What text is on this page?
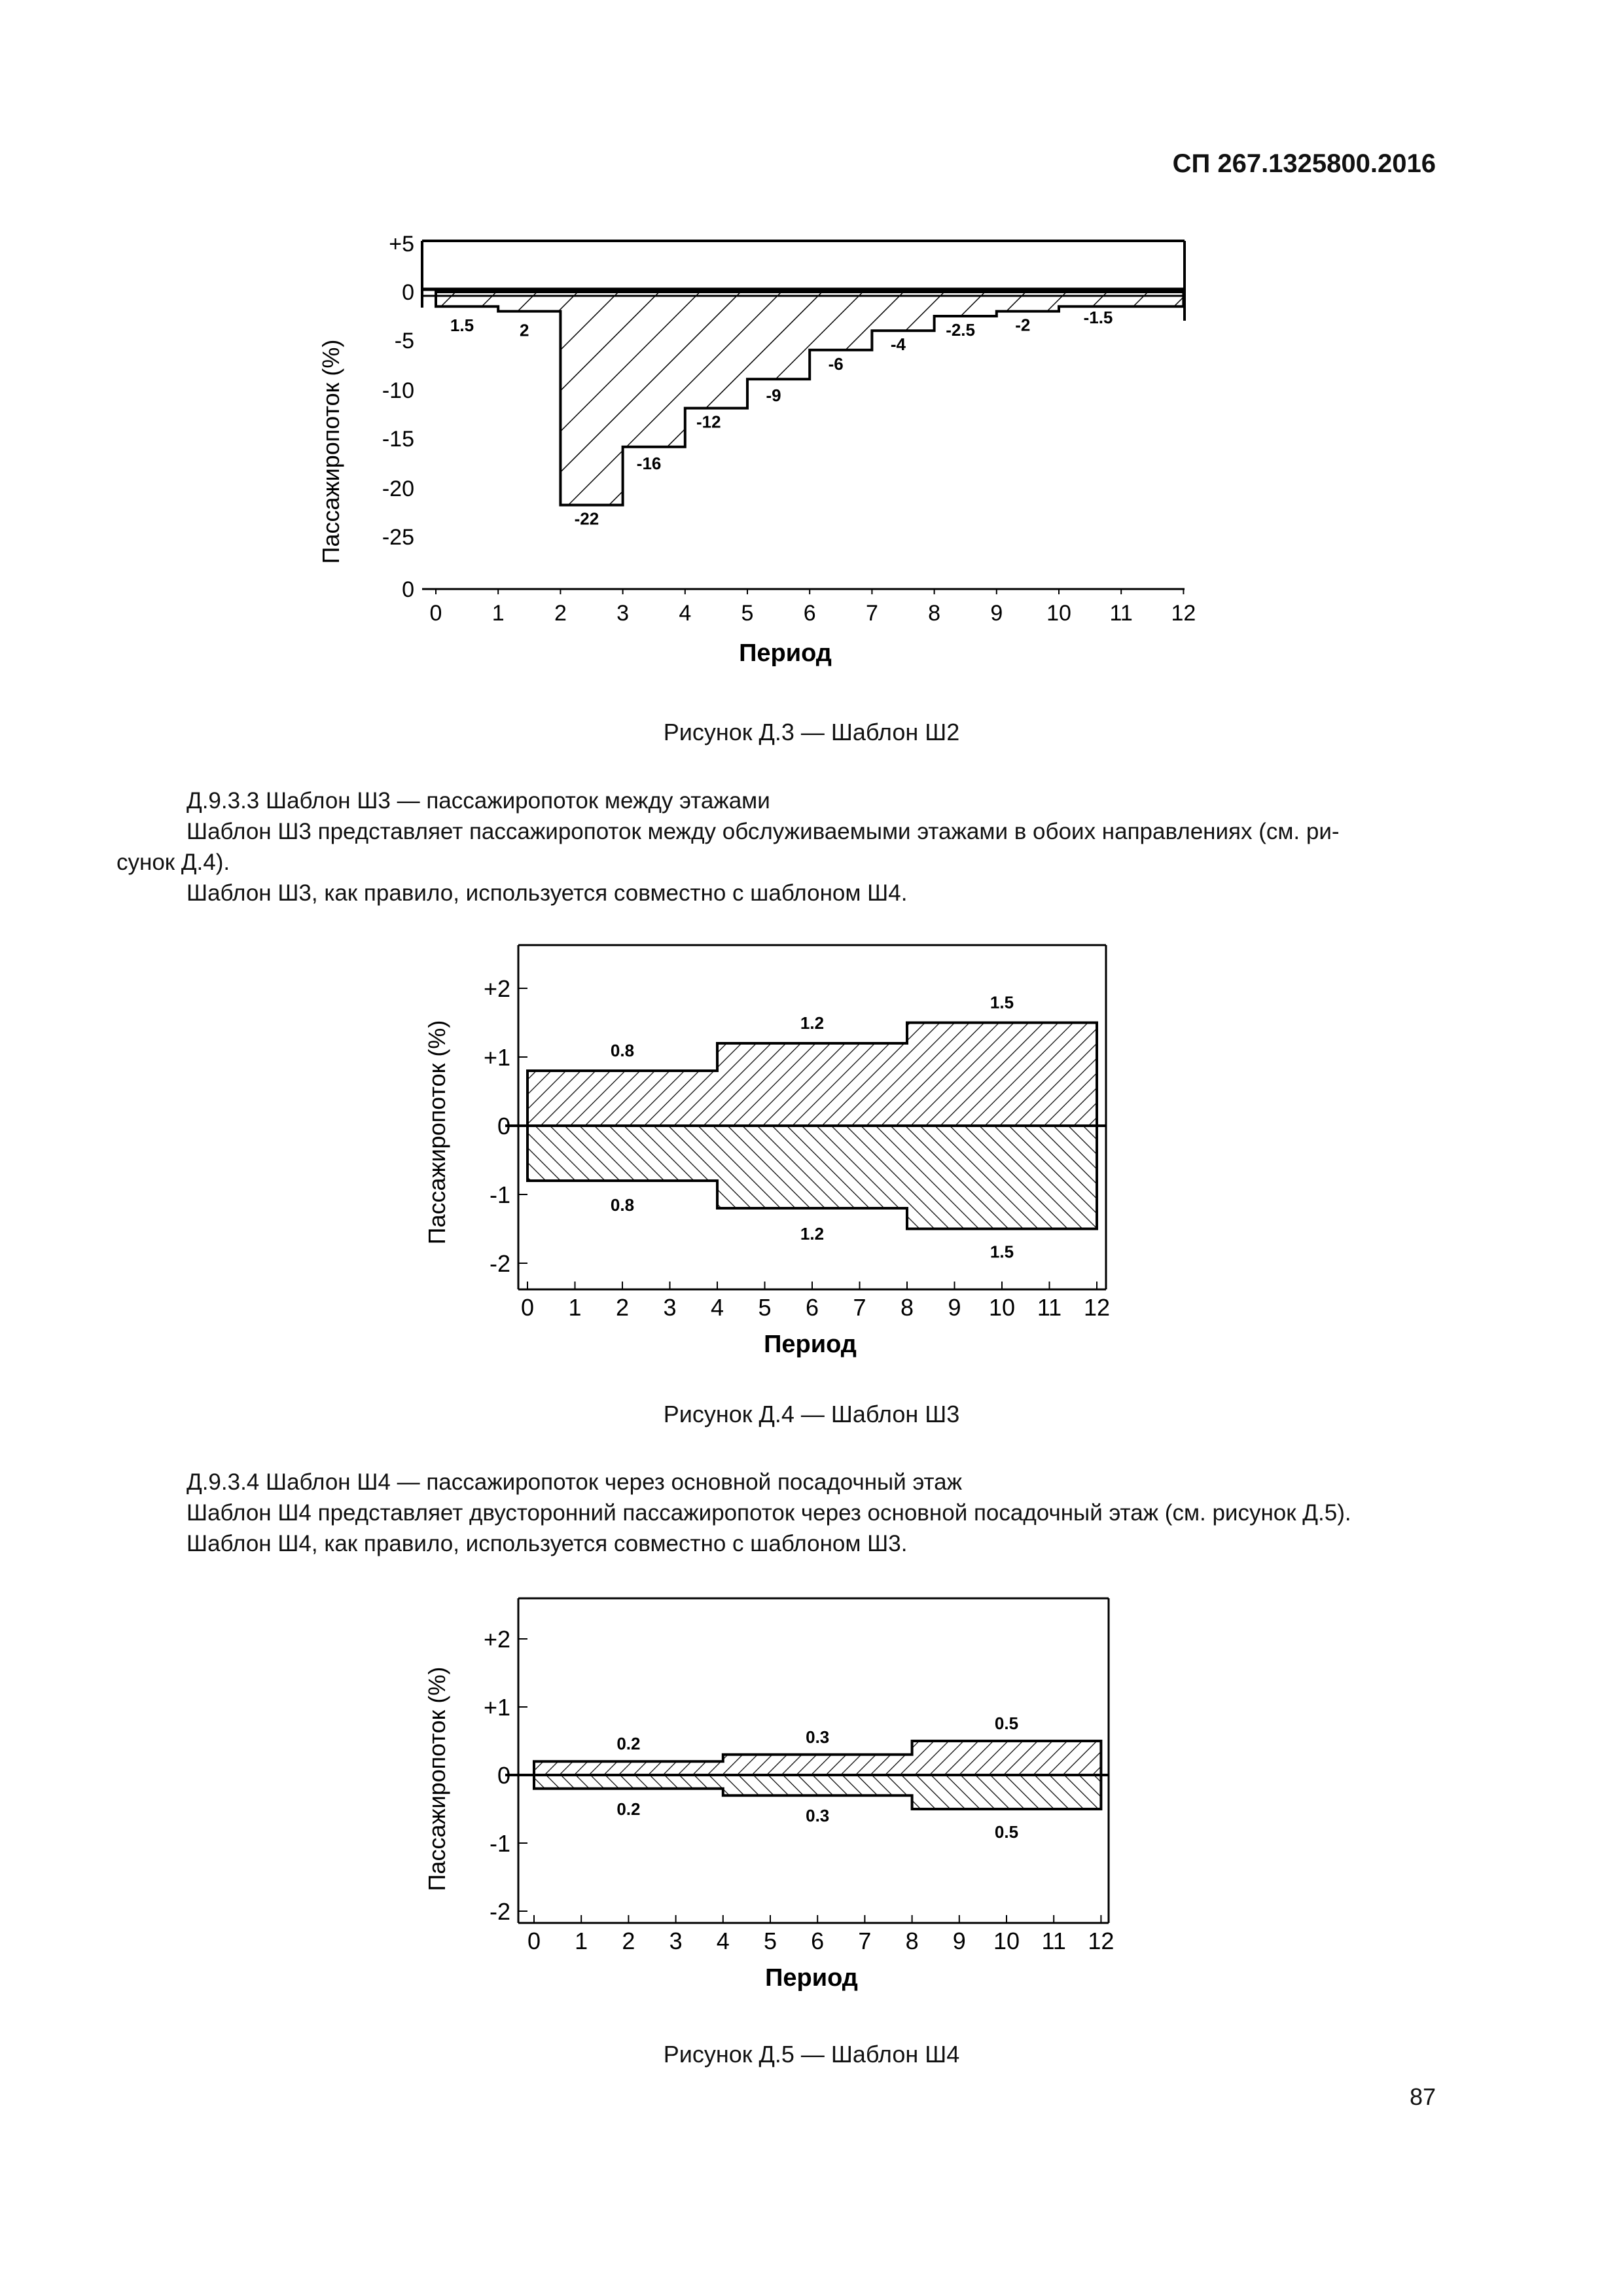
СП 267.1325800.2016
87
+5
0
-5
-10
-15
-20
-25
0
0 1 2 3 4 5 6 7 8 9 10 11 12
1.5	2
-22
-16
-12
-9
-6
-4
-2.5 -2	-1.5
Период
Пассажиропоток (%)
Рисунок Д.3 — Шаблон Ш2
Д.9.3.3 Шаблон Ш3 — пассажиропоток между этажами
Шаблон Ш3 представляет пассажиропоток между обслуживаемыми этажами в обоих направлениях (см. ри-
сунок Д.4).
Шаблон Ш3, как правило, используется совместно с шаблоном Ш4.
+2
+1
0
-1
-2
0 1 2 3 4 5 6 7 8 9 10 11 12
0.8
1.2
1.5
0.8
1.2
1.5
Период
Пассажиропоток (%)
Рисунок Д.4 — Шаблон Ш3
Д.9.3.4 Шаблон Ш4 — пассажиропоток через основной посадочный этаж
Шаблон Ш4 представляет двусторонний пассажиропоток через основной посадочный этаж (см. рисунок Д.5).
Шаблон Ш4, как правило, используется совместно с шаблоном Ш3.
+2
+1
0
-1
-2
0 1 2 3 4 5 6 7 8 9 10 11 12
0.2	0.3
0.5
0.2	0.3
0.5
Период
Пассажиропоток (%)
Рисунок Д.5 — Шаблон Ш4
